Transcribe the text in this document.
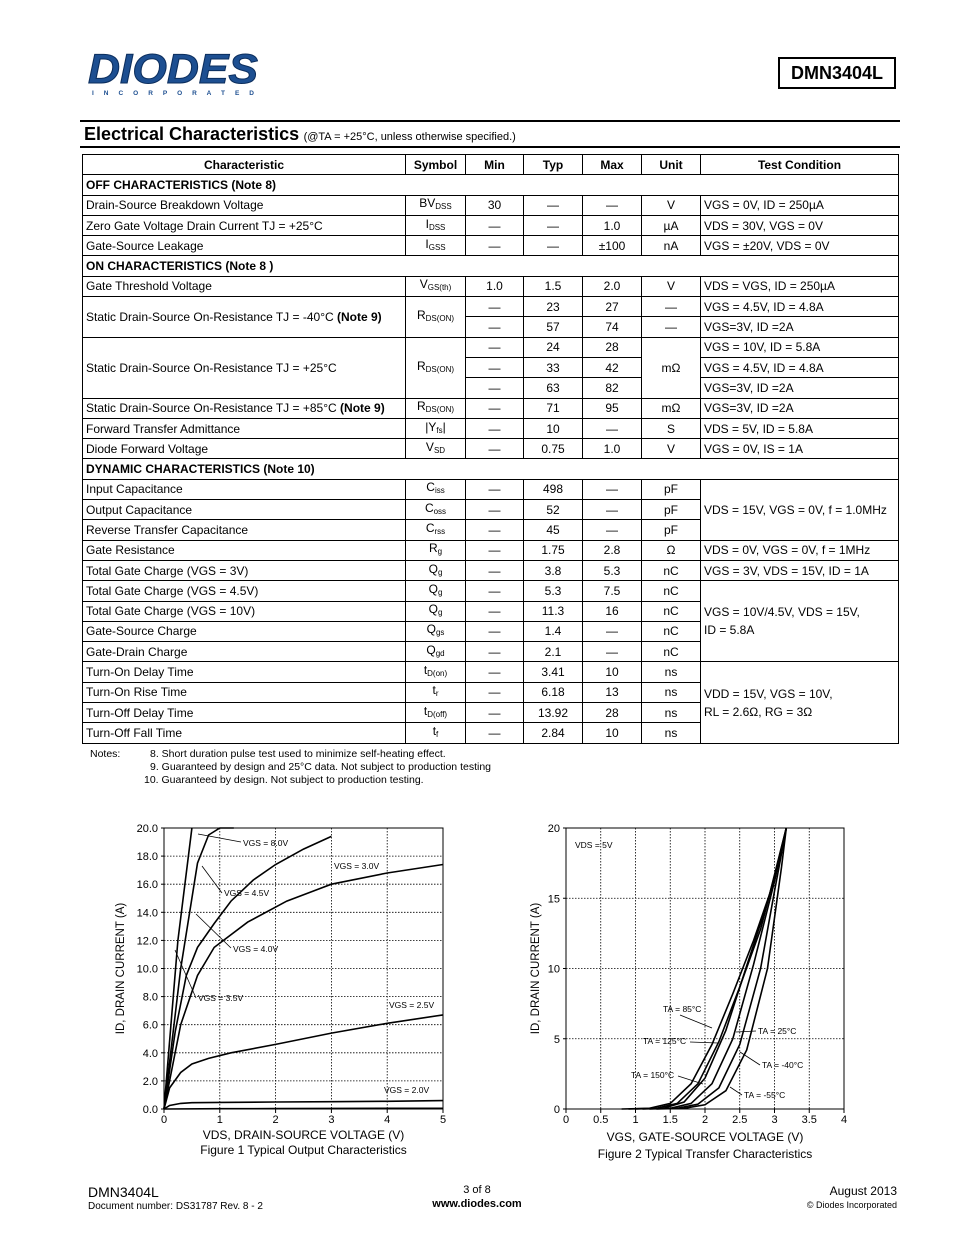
DIODES
I N C O R P O R A T E D
DMN3404L
Electrical Characteristics (@TA = +25°C, unless otherwise specified.)
Characteristic	Symbol	Min	Typ	Max	Unit	Test Condition
OFF CHARACTERISTICS (Note 8)						
Drain-Source Breakdown Voltage	$BV_{DSS}$	30	—	—	V	VGS = 0V, ID = 250µA
Zero Gate Voltage Drain Current TJ = +25°C	$I_{DSS}$	—	—	1.0	µA	VDS = 30V, VGS = 0V
Gate-Source Leakage	$I_{GSS}$	—	—	±100	nA	VGS = ±20V, VDS = 0V
ON CHARACTERISTICS (Note 8 )						
Gate Threshold Voltage	$V_{GS(th)}$	1.0	1.5	2.0	V	VDS = VGS, ID = 250µA
Static Drain-Source On-Resistance TJ = -40°C (Note 9)	$R_{DS(ON)}$	—	23	27	—	VGS = 4.5V, ID = 4.8A
		—	57	74	—	VGS=3V, ID =2A
Static Drain-Source On-Resistance TJ = +25°C	$R_{DS(ON)}$	—	24	28	mΩ	VGS = 10V, ID = 5.8A
		—	33	42		VGS = 4.5V, ID = 4.8A
		—	63	82		VGS=3V, ID =2A
Static Drain-Source On-Resistance TJ = +85°C (Note 9)	$R_{DS(ON)}$	—	71	95	mΩ	VGS=3V, ID =2A
Forward Transfer Admittance	$|Y_{fs}|$	—	10	—	S	VDS = 5V, ID = 5.8A
Diode Forward Voltage	$V_{SD}$	—	0.75	1.0	V	VGS = 0V, IS = 1A
DYNAMIC CHARACTERISTICS (Note 10)						
Input Capacitance	$C_{iss}$	—	498	—	pF	VDS = 15V, VGS = 0V, f = 1.0MHz
Output Capacitance	$C_{oss}$	—	52	—	pF	
Reverse Transfer Capacitance	$C_{rss}$	—	45	—	pF	
Gate Resistance	$R_g$	—	1.75	2.8	Ω	VDS = 0V, VGS = 0V, f = 1MHz
Total Gate Charge (VGS = 3V)	$Q_g$	—	3.8	5.3	nC	VGS = 3V, VDS = 15V, ID = 1A
Total Gate Charge (VGS = 4.5V)	$Q_g$	—	5.3	7.5	nC	VGS = 10V/4.5V, VDS = 15V,
ID = 5.8A

Total Gate Charge (VGS = 10V)	$Q_g$	—	11.3	16	nC	
Gate-Source Charge	$Q_{gs}$	—	1.4	—	nC	
Gate-Drain Charge	$Q_{gd}$	—	2.1	—	nC	
Turn-On Delay Time	$t_{D(on)}$	—	3.41	10	ns	VDD = 15V, VGS = 10V,
RL = 2.6Ω, RG = 3Ω

Turn-On Rise Time	$t_r$	—	6.18	13	ns	
Turn-Off Delay Time	$t_{D(off)}$	—	13.92	28	ns	
Turn-Off Fall Time	$t_f$	—	2.84	10	ns	
Notes:	8. Short duration pulse test used to minimize self-heating effect.
9. Guaranteed by design and 25°C data. Not subject to production testing
10. Guaranteed by design. Not subject to production testing.
0	1	2	3	4	5
0.0
2.0
4.0
6.0
8.0
10.0
12.0
14.0
16.0
18.0
20.0
VDS, DRAIN-SOURCE VOLTAGE (V)
ID, DRAIN CURRENT (A)
Figure 1 Typical Output Characteristics
0 0.5 1 1.5 2 2.5 3 3.5 4
0
5
10
15
20
VGS, GATE-SOURCE VOLTAGE (V)
ID, DRAIN CURRENT (A)
Figure 2 Typical Transfer Characteristics
VGS = 8.0V
VGS = 4.5V
VGS = 4.0V
VGS = 3.5V
VGS = 3.0V
VGS = 2.5V
VGS = 2.0V
VDS = 5V
TA = 85°C
TA = 125°C
TA = 150°C
TA = 25°C
TA = -40°C
TA = -55°C
DMN3404L
Document number: DS31787 Rev. 8 - 2
3 of 8
www.diodes.com
August 2013
© Diodes Incorporated
